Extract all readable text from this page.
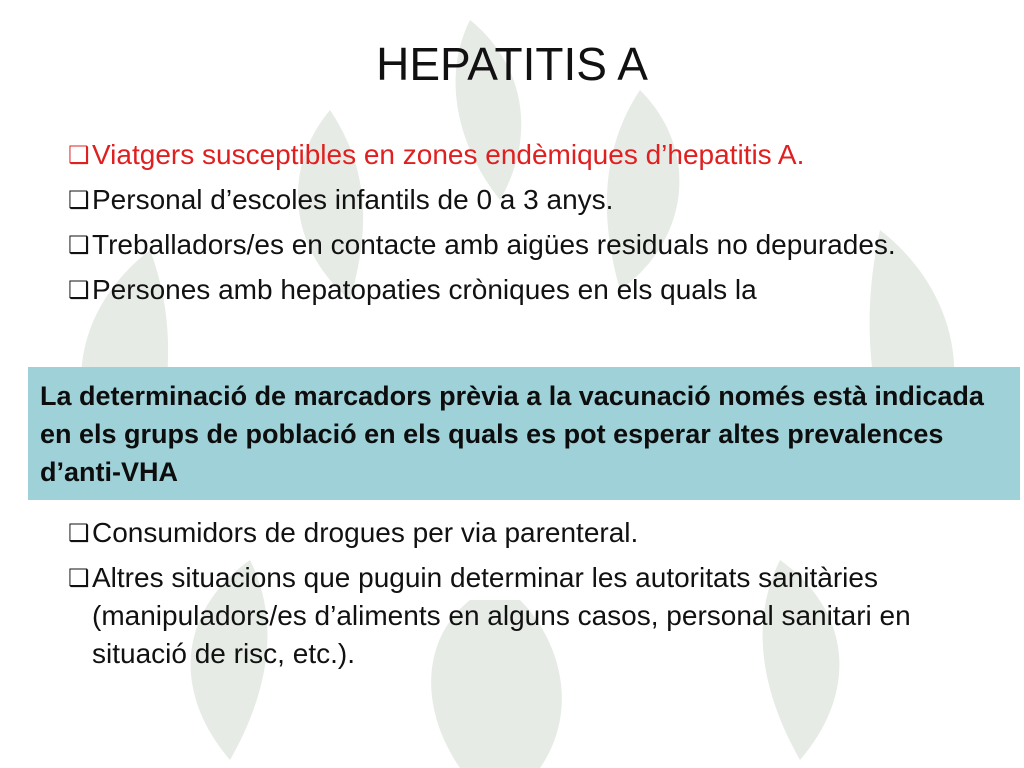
HEPATITIS A
❑ Viatgers susceptibles en zones endèmiques d’hepatitis A.
❑ Personal d’escoles infantils de 0 a 3 anys.
❑ Treballadors/es en contacte amb aigües residuals no depurades.
❑ Persones amb hepatopaties cròniques en els quals la
La determinació de marcadors prèvia a la vacunació només està indicada en els grups de població en els quals es pot esperar altes prevalences d’anti-VHA
❑ Consumidors de drogues per via parenteral.
❑ Altres situacions que puguin determinar les autoritats sanitàries (manipuladors/es d’aliments en alguns casos, personal sanitari en situació de risc, etc.).
